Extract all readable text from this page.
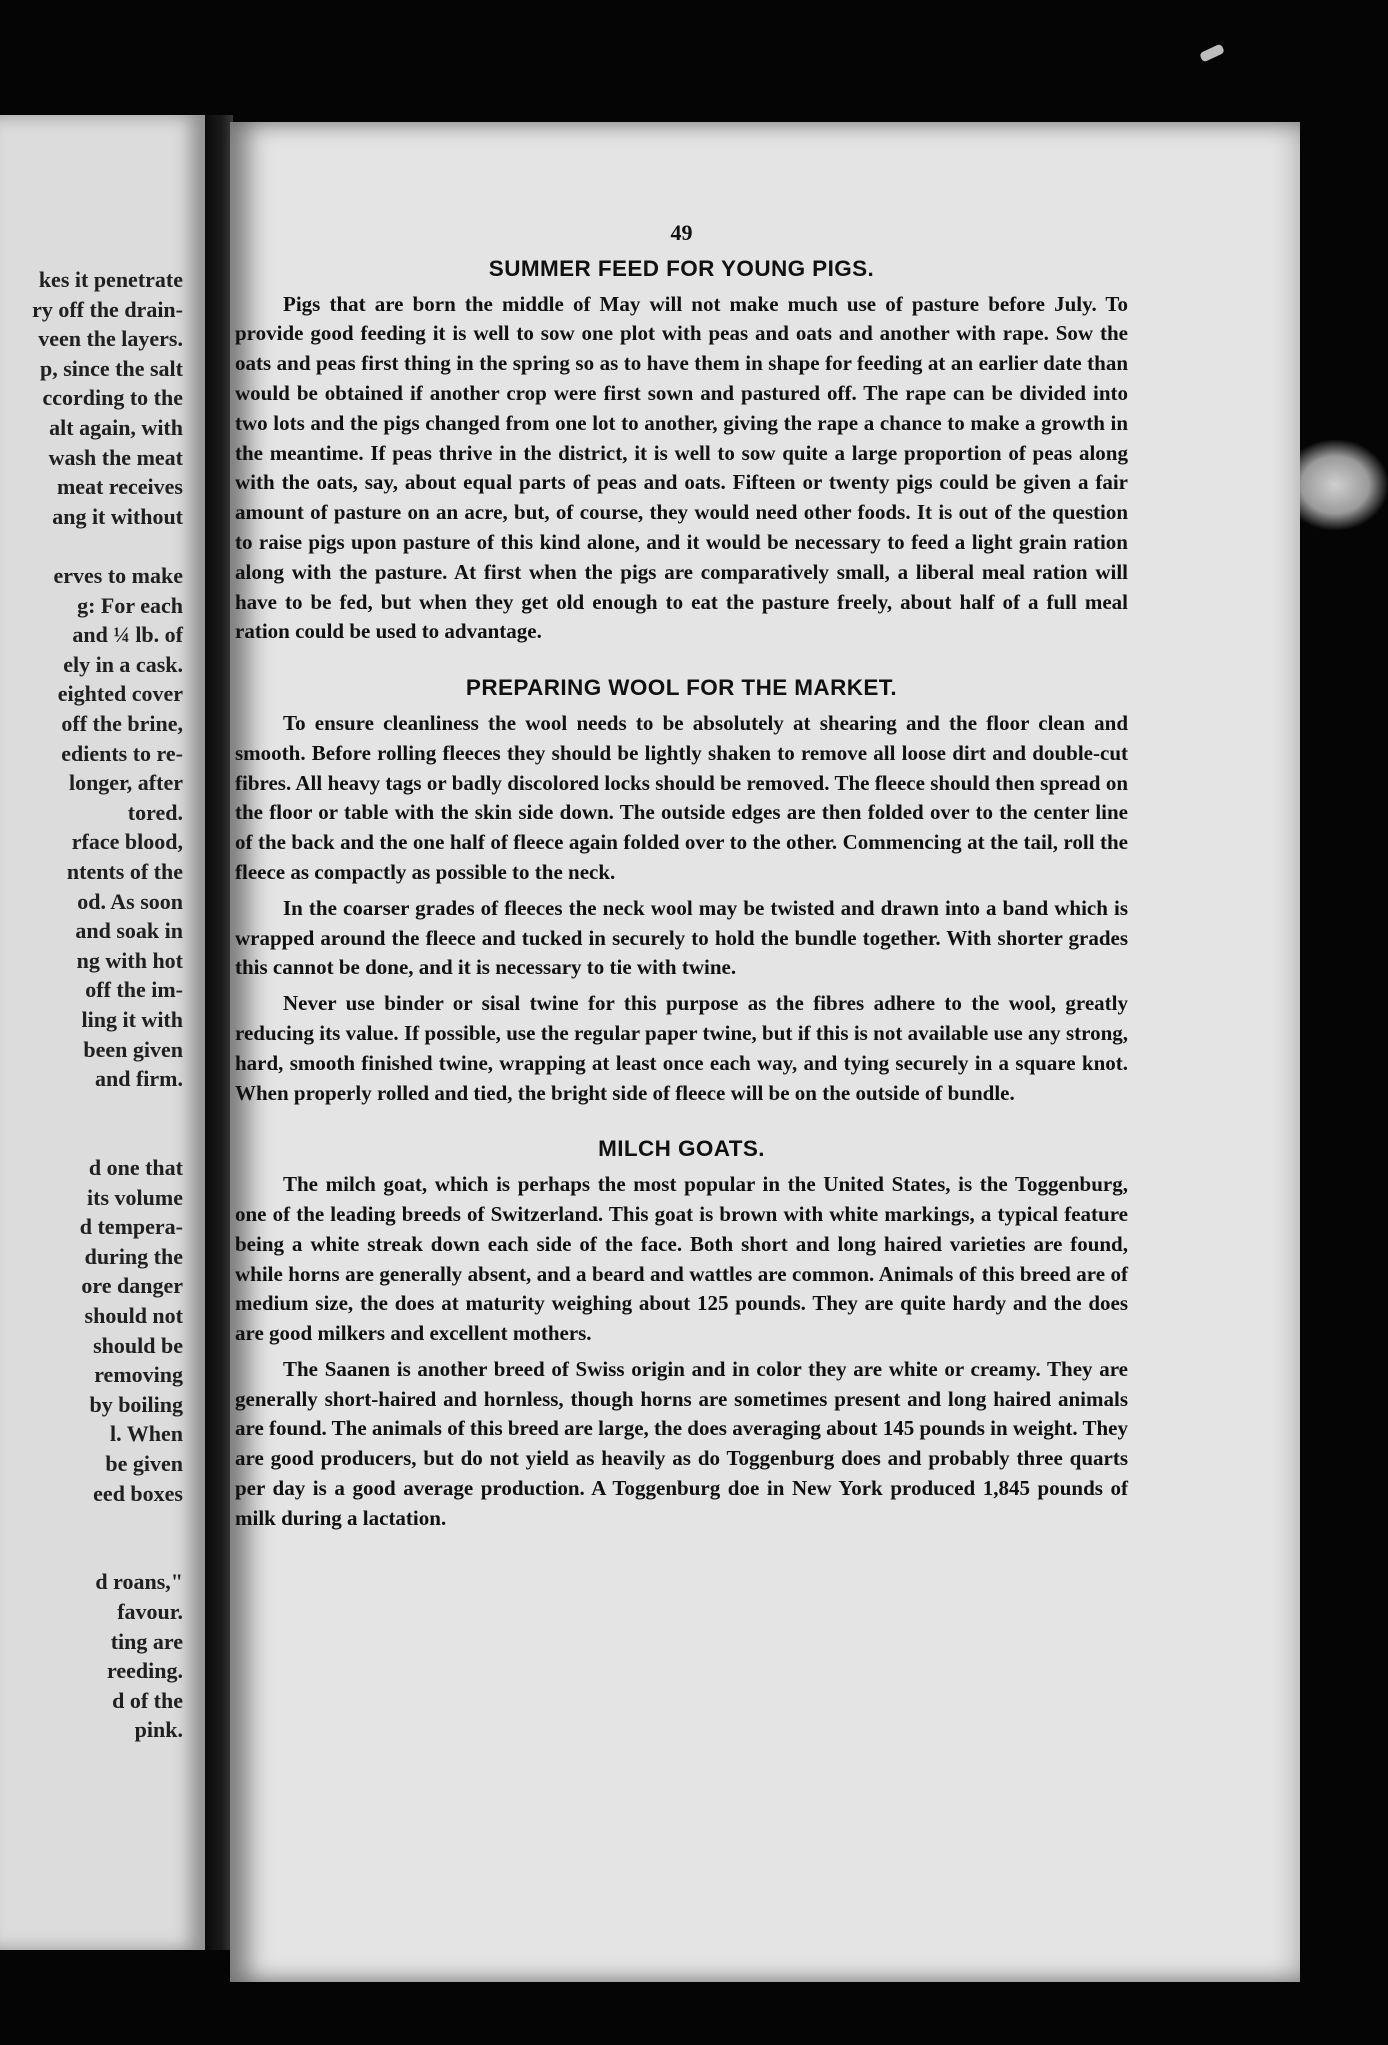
kes it penetrate
ry off the drain-
veen the layers.
p, since the salt
ccording to the
alt again, with
wash the meat
meat receives
ang it without
erves to make
g: For each
and ¼ lb. of
ely in a cask.
eighted cover
off the brine,
edients to re-
longer, after
tored.
rface blood,
ntents of the
od. As soon
and soak in
ng with hot
off the im-
ling it with
been given
and firm.
d one that
its volume
d tempera-
during the
ore danger
should not
should be
removing
by boiling
l. When
be given
eed boxes
d roans,"
favour.
ting are
reeding.
d of the
pink.
49
SUMMER FEED FOR YOUNG PIGS.

Pigs that are born the middle of May will not make much use of pasture before July. To provide good feeding it is well to sow one plot with peas and oats and another with rape. Sow the oats and peas first thing in the spring so as to have them in shape for feeding at an earlier date than would be obtained if another crop were first sown and pastured off. The rape can be divided into two lots and the pigs changed from one lot to another, giving the rape a chance to make a growth in the meantime. If peas thrive in the district, it is well to sow quite a large proportion of peas along with the oats, say, about equal parts of peas and oats. Fifteen or twenty pigs could be given a fair amount of pasture on an acre, but, of course, they would need other foods. It is out of the question to raise pigs upon pasture of this kind alone, and it would be necessary to feed a light grain ration along with the pasture. At first when the pigs are comparatively small, a liberal meal ration will have to be fed, but when they get old enough to eat the pasture freely, about half of a full meal ration could be used to advantage.

PREPARING WOOL FOR THE MARKET.

To ensure cleanliness the wool needs to be absolutely at shearing and the floor clean and smooth. Before rolling fleeces they should be lightly shaken to remove all loose dirt and double-cut fibres. All heavy tags or badly discolored locks should be removed. The fleece should then spread on the floor or table with the skin side down. The outside edges are then folded over to the center line of the back and the one half of fleece again folded over to the other. Commencing at the tail, roll the fleece as compactly as possible to the neck.

In the coarser grades of fleeces the neck wool may be twisted and drawn into a band which is wrapped around the fleece and tucked in securely to hold the bundle together. With shorter grades this cannot be done, and it is necessary to tie with twine.

Never use binder or sisal twine for this purpose as the fibres adhere to the wool, greatly reducing its value. If possible, use the regular paper twine, but if this is not available use any strong, hard, smooth finished twine, wrapping at least once each way, and tying securely in a square knot. When properly rolled and tied, the bright side of fleece will be on the outside of bundle.

MILCH GOATS.

The milch goat, which is perhaps the most popular in the United States, is the Toggenburg, one of the leading breeds of Switzerland. This goat is brown with white markings, a typical feature being a white streak down each side of the face. Both short and long haired varieties are found, while horns are generally absent, and a beard and wattles are common. Animals of this breed are of medium size, the does at maturity weighing about 125 pounds. They are quite hardy and the does are good milkers and excellent mothers.

The Saanen is another breed of Swiss origin and in color they are white or creamy. They are generally short-haired and hornless, though horns are sometimes present and long haired animals are found. The animals of this breed are large, the does averaging about 145 pounds in weight. They are good producers, but do not yield as heavily as do Toggenburg does and probably three quarts per day is a good average production. A Toggenburg doe in New York produced 1,845 pounds of milk during a lactation.
